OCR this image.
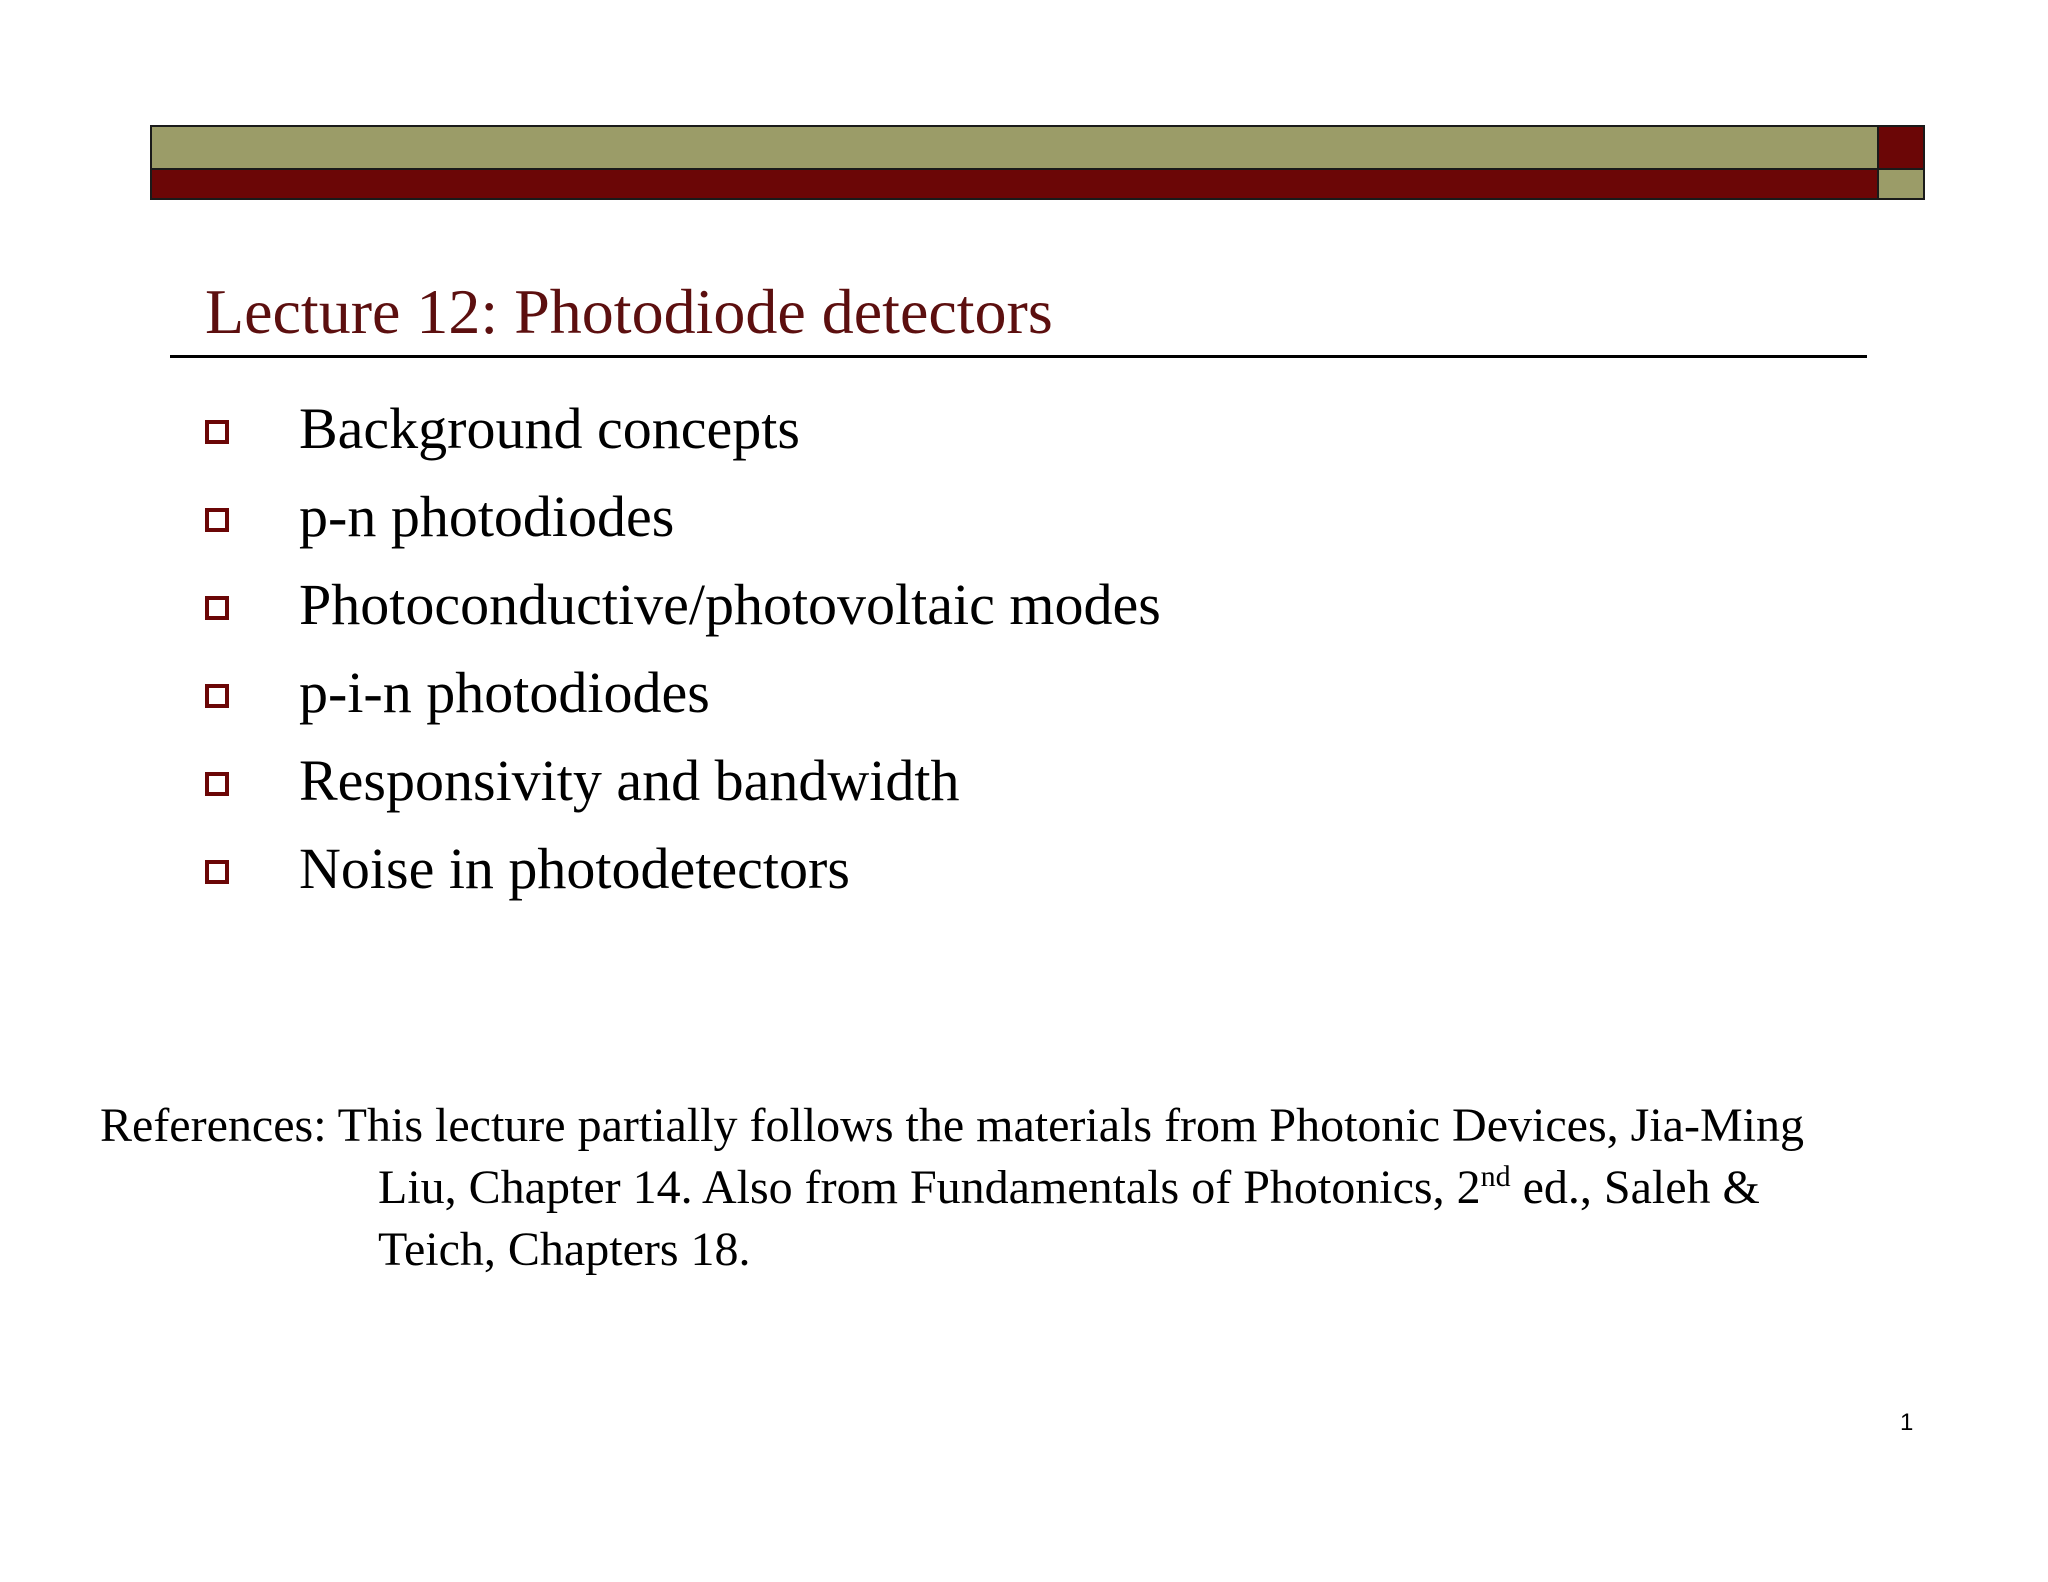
Lecture 12: Photodiode detectors
Background concepts
p-n photodiodes
Photoconductive/photovoltaic modes
p-i-n photodiodes
Responsivity and bandwidth
Noise in photodetectors
References: This lecture partially follows the materials from Photonic Devices, Jia-Ming
Liu, Chapter 14. Also from Fundamentals of Photonics, 2nd ed., Saleh &
Teich, Chapters 18.
1
